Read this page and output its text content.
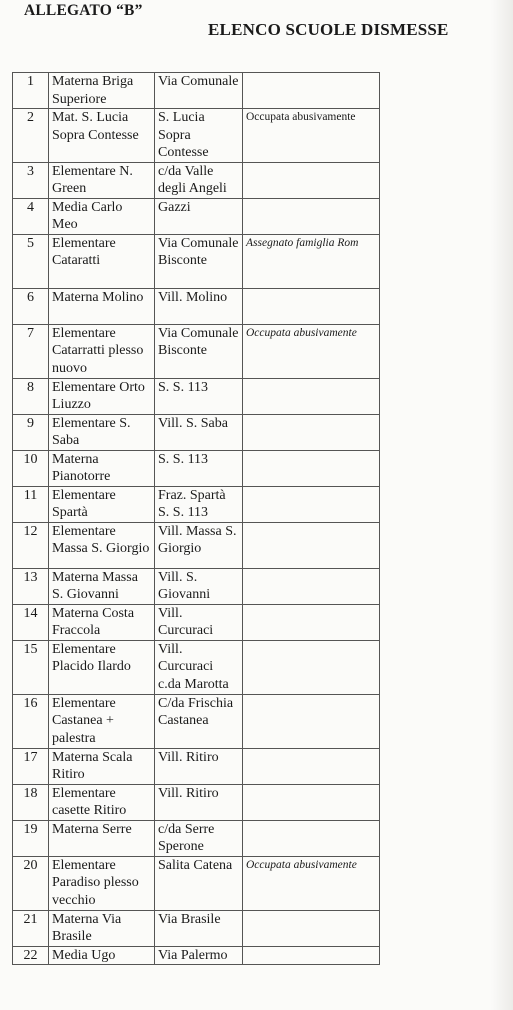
ALLEGATO “B”
ELENCO SCUOLE DISMESSE
1	Materna Briga Superiore	Via Comunale	
2	Mat. S. Lucia Sopra Contesse	S. Lucia Sopra Contesse	Occupata abusivamente
3	Elementare N. Green	c/da Valle degli Angeli	
4	Media Carlo Meo	Gazzi	
5	Elementare Cataratti	Via Comunale Bisconte	Assegnato famiglia Rom
6	Materna Molino	Vill. Molino	
7	Elementare Catarratti plesso nuovo	Via Comunale Bisconte	Occupata abusivamente
8	Elementare Orto Liuzzo	S. S. 113	
9	Elementare S. Saba	Vill. S. Saba	
10	Materna Pianotorre	S. S. 113	
11	Elementare Spartà	Fraz. Spartà S. S. 113	
12	Elementare Massa S. Giorgio	Vill. Massa S. Giorgio	
13	Materna Massa S. Giovanni	Vill. S. Giovanni	
14	Materna Costa Fraccola	Vill. Curcuraci	
15	Elementare Placido Ilardo	Vill. Curcuraci c.da Marotta	
16	Elementare Castanea + palestra	C/da Frischia Castanea	
17	Materna Scala Ritiro	Vill. Ritiro	
18	Elementare casette Ritiro	Vill. Ritiro	
19	Materna Serre	c/da Serre Sperone	
20	Elementare Paradiso plesso vecchio	Salita Catena	Occupata abusivamente
21	Materna Via Brasile	Via Brasile	
22	Media Ugo	Via Palermo	
